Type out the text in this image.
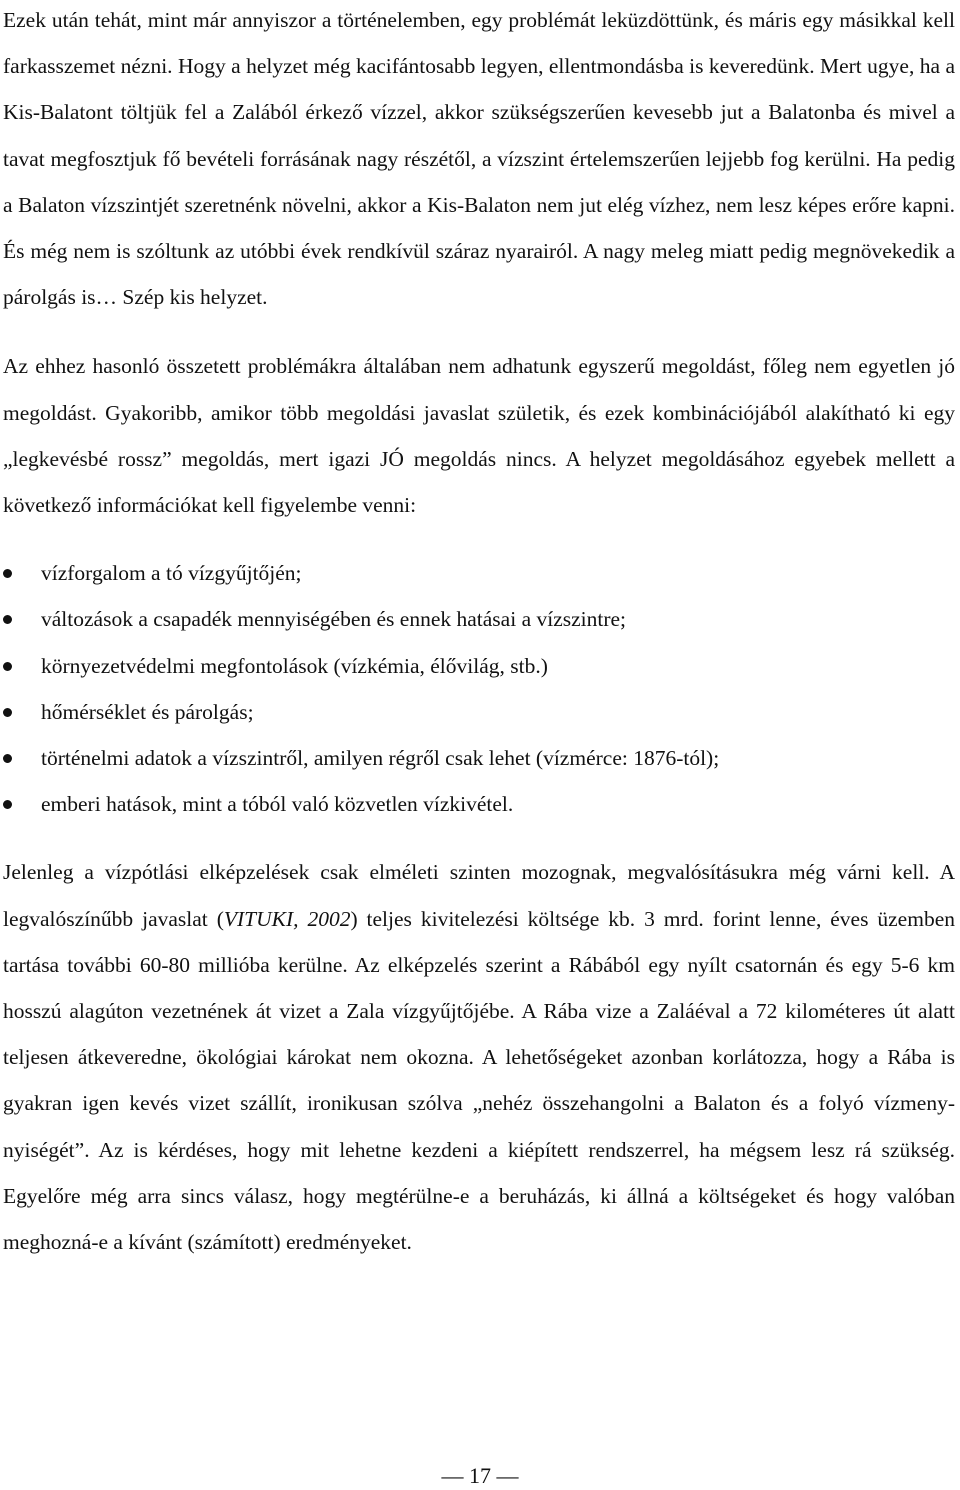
Ezek után tehát, mint már annyiszor a történelemben, egy problémát leküzdöttünk, és máris egy másikkal kell farkasszemet nézni. Hogy a helyzet még kacifántosabb legyen, ellentmondásba is keveredünk. Mert ugye, ha a Kis-Balatont töltjük fel a Zalából érkező vízzel, akkor szükségszerűen kevesebb jut a Balatonba és mivel a tavat megfosztjuk fő bevételi forrásának nagy részétől, a vízszint értelemszerűen lejjebb fog kerülni. Ha pedig a Balaton vízszintjét szeretnénk növelni, akkor a Kis-Balaton nem jut elég vízhez, nem lesz képes erőre kapni. És még nem is szóltunk az utóbbi évek rendkívül száraz nyarairól. A nagy meleg miatt pedig megnövekedik a párolgás is… Szép kis helyzet.

Az ehhez hasonló összetett problémákra általában nem adhatunk egyszerű megoldást, főleg nem egyetlen jó megoldást. Gyakoribb, amikor több megoldási javaslat születik, és ezek kombinációjából alakítható ki egy „legkevésbé rossz” megoldás, mert igazi JÓ megoldás nincs. A helyzet megoldásához egyebek mellett a következő információkat kell figyelembe venni:

vízforgalom a tó vízgyűjtőjén;
változások a csapadék mennyiségében és ennek hatásai a vízszintre;
környezetvédelmi megfontolások (vízkémia, élővilág, stb.)
hőmérséklet és párolgás;
történelmi adatok a vízszintről, amilyen régről csak lehet (vízmérce: 1876-tól);
emberi hatások, mint a tóból való közvetlen vízkivétel.

Jelenleg a vízpótlási elképzelések csak elméleti szinten mozognak, megvalósításukra még várni kell. A legvalószínűbb javaslat (VITUKI, 2002) teljes kivitelezési költsége kb. 3 mrd. forint lenne, éves üzemben tartása további 60-80 millióba kerülne. Az elképzelés szerint a Rábából egy nyílt csatornán és egy 5-6 km hosszú alagúton vezetnének át vizet a Zala vízgyűjtőjébe. A Rába vize a Zaláéval a 72 kilométeres út alatt teljesen átkeveredne, ökológiai károkat nem okozna. A lehetőségeket azonban korlátozza, hogy a Rába is gyakran igen kevés vizet szállít, ironikusan szólva „nehéz összehangolni a Balaton és a folyó vízmenynyiségét”. Az is kérdéses, hogy mit lehetne kezdeni a kiépített rendszerrel, ha mégsem lesz rá szükség. Egyelőre még arra sincs válasz, hogy megtérülne-e a beruházás, ki állná a költségeket és hogy valóban meghozná-e a kívánt (számított) eredményeket.

— 17 —
